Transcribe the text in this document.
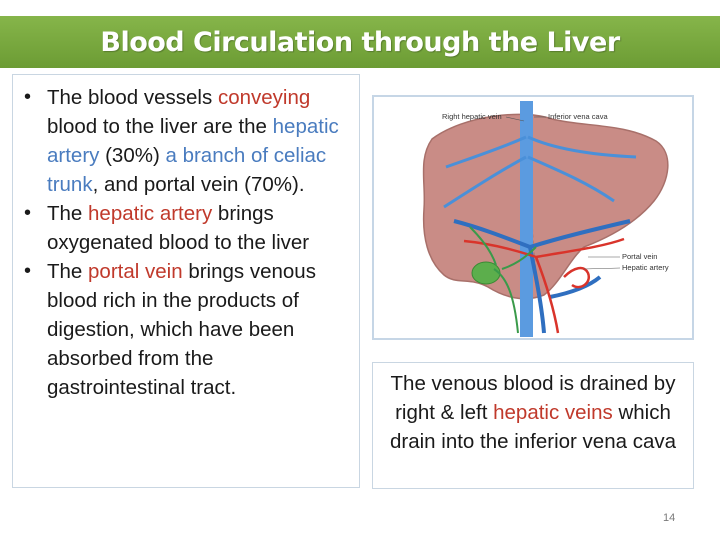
Blood Circulation through the Liver
• The blood vessels conveying blood to the liver are the hepatic artery (30%) a branch of celiac trunk, and portal vein (70%).
• The hepatic artery brings oxygenated blood to the liver
• The portal vein brings venous blood rich in the products of digestion, which have been absorbed from the gastrointestinal tract.
Right hepatic vein	Inferior vena cava
Portal vein
Hepatic artery
The venous blood is drained by right & left hepatic veins which drain into the inferior vena cava
14
